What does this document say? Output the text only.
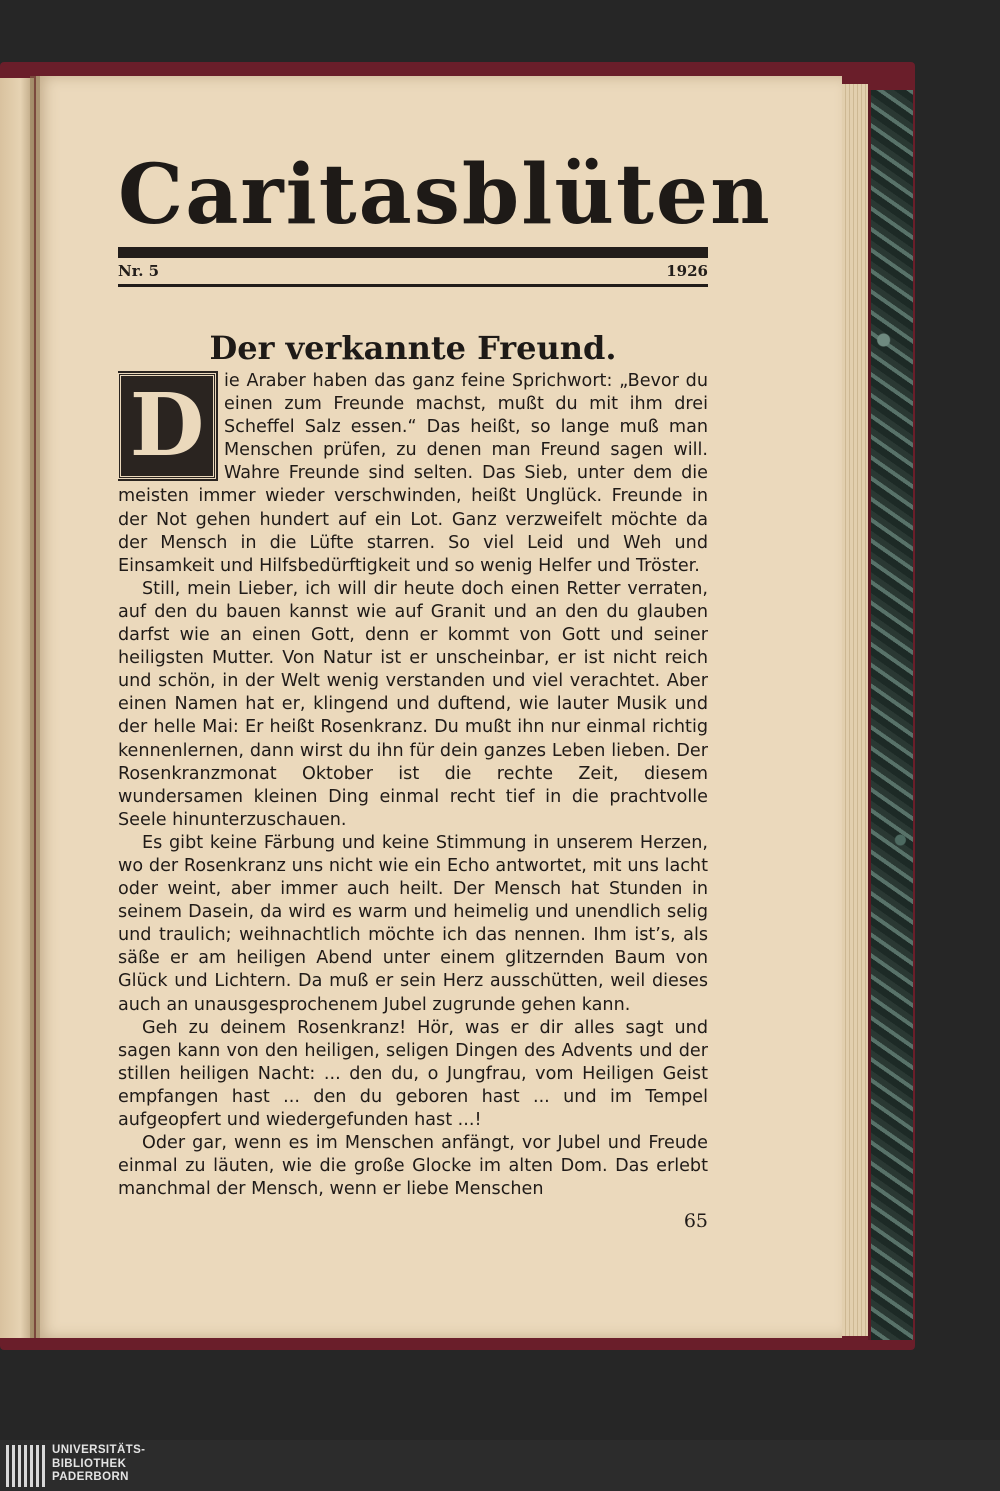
Caritasblüten
Nr. 5	1926
Der verkannte Freund.

D	ie Araber haben das ganz feine Sprichwort: „Bevor du einen zum Freunde machst, mußt du mit ihm drei Scheffel Salz essen.“ Das heißt, so lange muß man Menschen prüfen, zu denen man Freund sagen will. Wahre Freunde sind selten. Das Sieb, unter dem die meisten immer wieder verschwinden, heißt Unglück. Freunde in der Not gehen hundert auf ein Lot. Ganz verzweifelt möchte da der Mensch in die Lüfte starren. So viel Leid und Weh und Einsamkeit und Hilfsbedürftigkeit und so wenig Helfer und Tröster.

Still, mein Lieber, ich will dir heute doch einen Retter verraten, auf den du bauen kannst wie auf Granit und an den du glauben darfst wie an einen Gott, denn er kommt von Gott und seiner heiligsten Mutter. Von Natur ist er unscheinbar, er ist nicht reich und schön, in der Welt wenig verstanden und viel verachtet. Aber einen Namen hat er, klingend und duftend, wie lauter Musik und der helle Mai: Er heißt Rosenkranz. Du mußt ihn nur einmal richtig kennenlernen, dann wirst du ihn für dein ganzes Leben lieben. Der Rosenkranzmonat Oktober ist die rechte Zeit, diesem wundersamen kleinen Ding einmal recht tief in die prachtvolle Seele hinunterzuschauen.

Es gibt keine Färbung und keine Stimmung in unserem Herzen, wo der Rosenkranz uns nicht wie ein Echo antwortet, mit uns lacht oder weint, aber immer auch heilt. Der Mensch hat Stunden in seinem Dasein, da wird es warm und heimelig und unendlich selig und traulich; weihnachtlich möchte ich das nennen. Ihm ist’s, als säße er am heiligen Abend unter einem glitzernden Baum von Glück und Lichtern. Da muß er sein Herz ausschütten, weil dieses auch an unausgesprochenem Jubel zugrunde gehen kann.

Geh zu deinem Rosenkranz! Hör, was er dir alles sagt und sagen kann von den heiligen, seligen Dingen des Advents und der stillen heiligen Nacht: ... den du, o Jungfrau, vom Heiligen Geist empfangen hast ... den du geboren hast ... und im Tempel aufgeopfert und wiedergefunden hast ...!

Oder gar, wenn es im Menschen anfängt, vor Jubel und Freude einmal zu läuten, wie die große Glocke im alten Dom. Das erlebt manchmal der Mensch, wenn er liebe Menschen

65
UNIVERSITÄTS-
BIBLIOTHEK
PADERBORN
